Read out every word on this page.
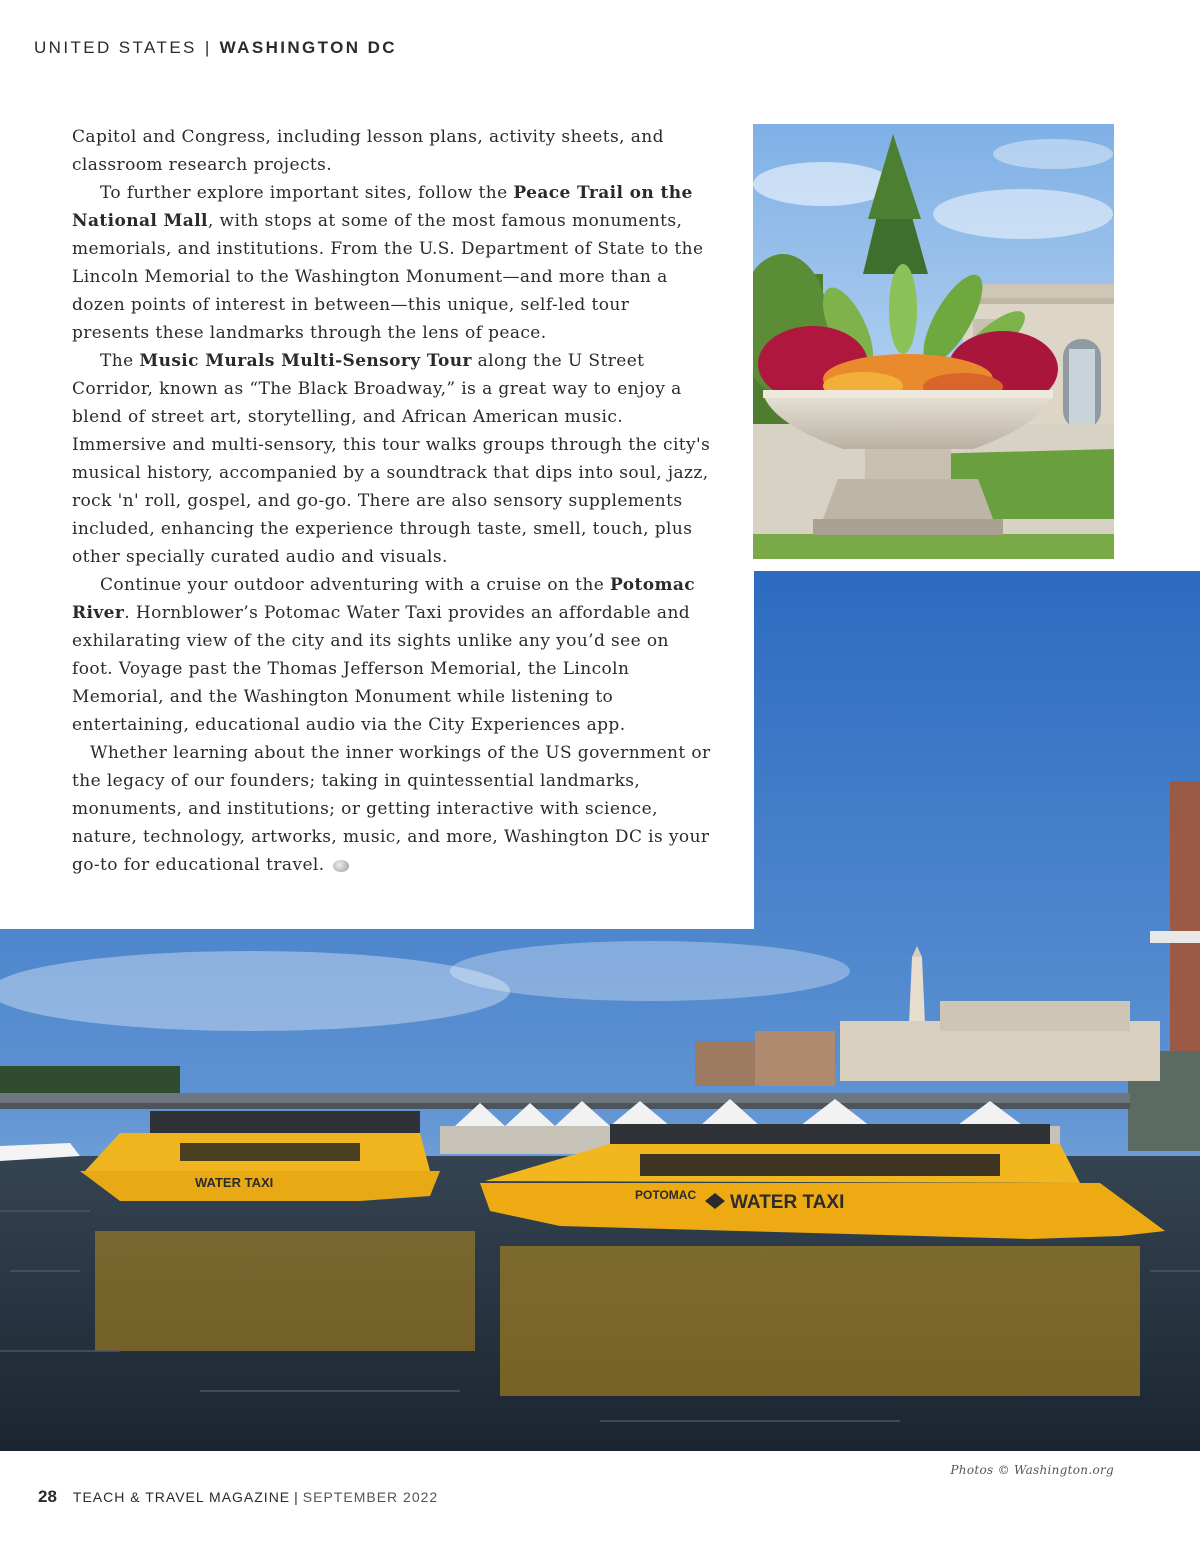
UNITED STATES | WASHINGTON DC
WATER TAXI
POTOMAC WATER TAXI

Capitol and Congress, including lesson plans, activity sheets, and classroom research projects.

To further explore important sites, follow the Peace Trail on the National Mall, with stops at some of the most famous monuments, memorials, and institutions. From the U.S. Department of State to the Lincoln Memorial to the Washington Monument—and more than a dozen points of interest in between—this unique, self-led tour presents these landmarks through the lens of peace.

The Music Murals Multi-Sensory Tour along the U Street Corridor, known as “The Black Broadway,” is a great way to enjoy a blend of street art, storytelling, and African American music. Immersive and multi-sensory, this tour walks groups through the city's musical history, accompanied by a soundtrack that dips into soul, jazz, rock 'n' roll, gospel, and go-go. There are also sensory supplements included, enhancing the experience through taste, smell, touch, plus other specially curated audio and visuals.

Continue your outdoor adventuring with a cruise on the Potomac River. Hornblower’s Potomac Water Taxi provides an affordable and exhilarating view of the city and its sights unlike any you’d see on foot. Voyage past the Thomas Jefferson Memorial, the Lincoln Memorial, and the Washington Monument while listening to entertaining, educational audio via the City Experiences app.

Whether learning about the inner workings of the US government or the legacy of our founders; taking in quintessential landmarks, monuments, and institutions; or getting interactive with science, nature, technology, artworks, music, and more, Washington DC is your go-to for educational travel.

Photos © Washington.org
28 TEACH & TRAVEL MAGAZINE | SEPTEMBER 2022
